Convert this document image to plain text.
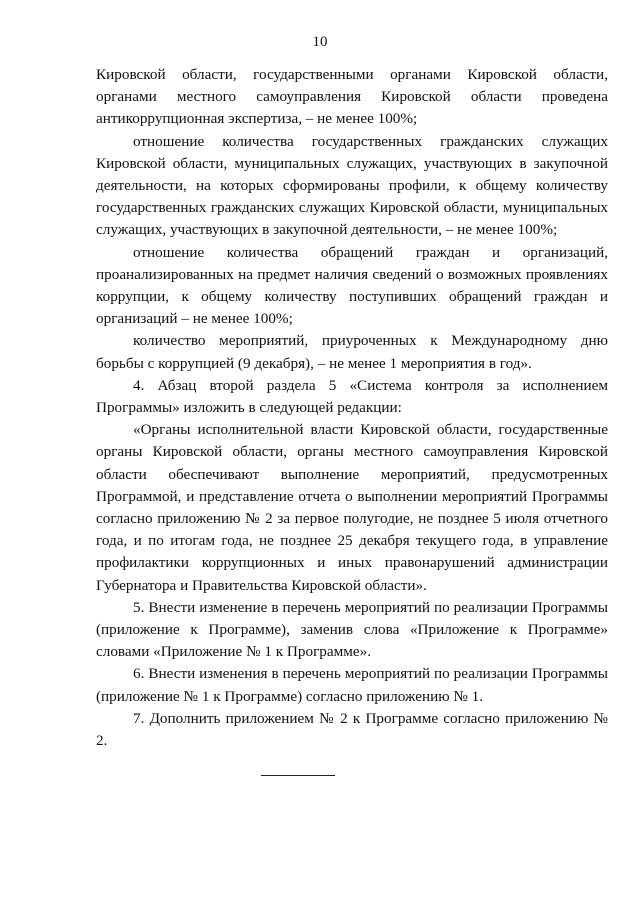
10

Кировской области, государственными органами Кировской области, органами местного самоуправления Кировской области проведена антикоррупционная экспертиза, – не менее 100%;

отношение количества государственных гражданских служащих Кировской области, муниципальных служащих, участвующих в закупочной деятельности, на которых сформированы профили, к общему количеству государственных гражданских служащих Кировской области, муниципальных служащих, участвующих в закупочной деятельности, – не менее 100%;

отношение количества обращений граждан и организаций, проанализированных на предмет наличия сведений о возможных проявлениях коррупции, к общему количеству поступивших обращений граждан и организаций – не менее 100%;

количество мероприятий, приуроченных к Международному дню борьбы с коррупцией (9 декабря), – не менее 1 мероприятия в год».

4. Абзац второй раздела 5 «Система контроля за исполнением Программы» изложить в следующей редакции:

«Органы исполнительной власти Кировской области, государственные органы Кировской области, органы местного самоуправления Кировской области обеспечивают выполнение мероприятий, предусмотренных Программой, и представление отчета о выполнении мероприятий Программы согласно приложению № 2 за первое полугодие, не позднее 5 июля отчетного года, и по итогам года, не позднее 25 декабря текущего года, в управление профилактики коррупционных и иных правонарушений администрации Губернатора и Правительства Кировской области».

5. Внести изменение в перечень мероприятий по реализации Программы (приложение к Программе), заменив слова «Приложение к Программе» словами «Приложение № 1 к Программе».

6. Внести изменения в перечень мероприятий по реализации Программы (приложение № 1 к Программе) согласно приложению № 1.

7. Дополнить приложением № 2 к Программе согласно приложению № 2.
